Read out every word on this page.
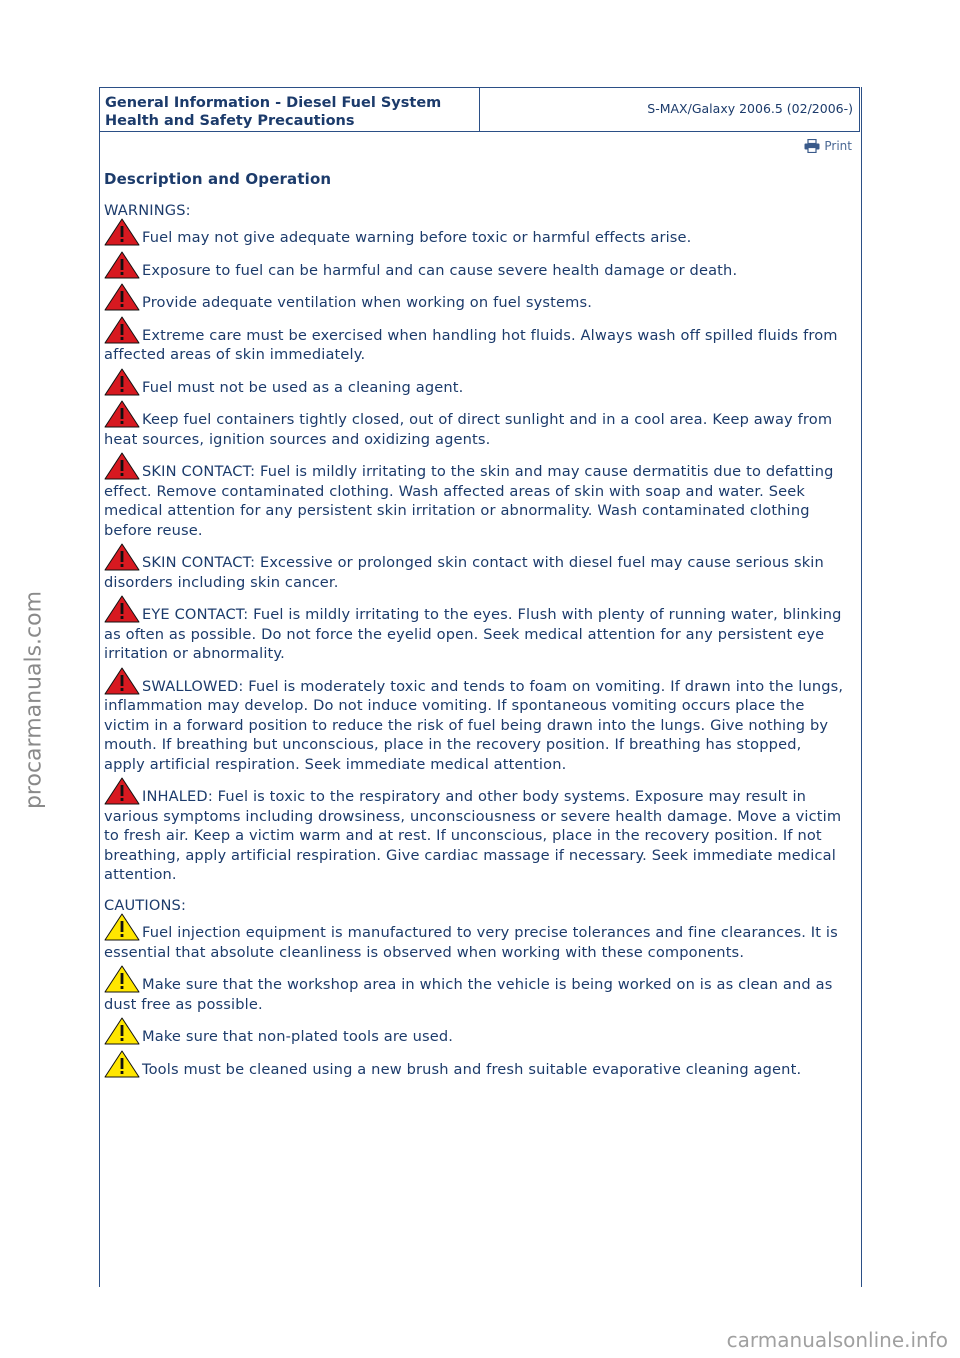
General Information - Diesel Fuel System
Health and Safety Precautions
S-MAX/Galaxy 2006.5 (02/2006-)
Print
Description and Operation
WARNINGS:
Fuel may not give adequate warning before toxic or harmful effects arise.
Exposure to fuel can be harmful and can cause severe health damage or death.
Provide adequate ventilation when working on fuel systems.
Extreme care must be exercised when handling hot fluids. Always wash off spilled fluids from affected areas of skin immediately.
Fuel must not be used as a cleaning agent.
Keep fuel containers tightly closed, out of direct sunlight and in a cool area. Keep away from heat sources, ignition sources and oxidizing agents.
SKIN CONTACT: Fuel is mildly irritating to the skin and may cause dermatitis due to defatting effect. Remove contaminated clothing. Wash affected areas of skin with soap and water. Seek medical attention for any persistent skin irritation or abnormality. Wash contaminated clothing before reuse.
SKIN CONTACT: Excessive or prolonged skin contact with diesel fuel may cause serious skin disorders including skin cancer.
EYE CONTACT: Fuel is mildly irritating to the eyes. Flush with plenty of running water, blinking as often as possible. Do not force the eyelid open. Seek medical attention for any persistent eye irritation or abnormality.
SWALLOWED: Fuel is moderately toxic and tends to foam on vomiting. If drawn into the lungs, inflammation may develop. Do not induce vomiting. If spontaneous vomiting occurs place the victim in a forward position to reduce the risk of fuel being drawn into the lungs. Give nothing by mouth. If breathing but unconscious, place in the recovery position. If breathing has stopped, apply artificial respiration. Seek immediate medical attention.
INHALED: Fuel is toxic to the respiratory and other body systems. Exposure may result in various symptoms including drowsiness, unconsciousness or severe health damage. Move a victim to fresh air. Keep a victim warm and at rest. If unconscious, place in the recovery position. If not breathing, apply artificial respiration. Give cardiac massage if necessary. Seek immediate medical attention.
CAUTIONS:
Fuel injection equipment is manufactured to very precise tolerances and fine clearances. It is essential that absolute cleanliness is observed when working with these components.
Make sure that the workshop area in which the vehicle is being worked on is as clean and as dust free as possible.
Make sure that non-plated tools are used.
Tools must be cleaned using a new brush and fresh suitable evaporative cleaning agent.
procarmanuals.com
carmanualsonline.info
